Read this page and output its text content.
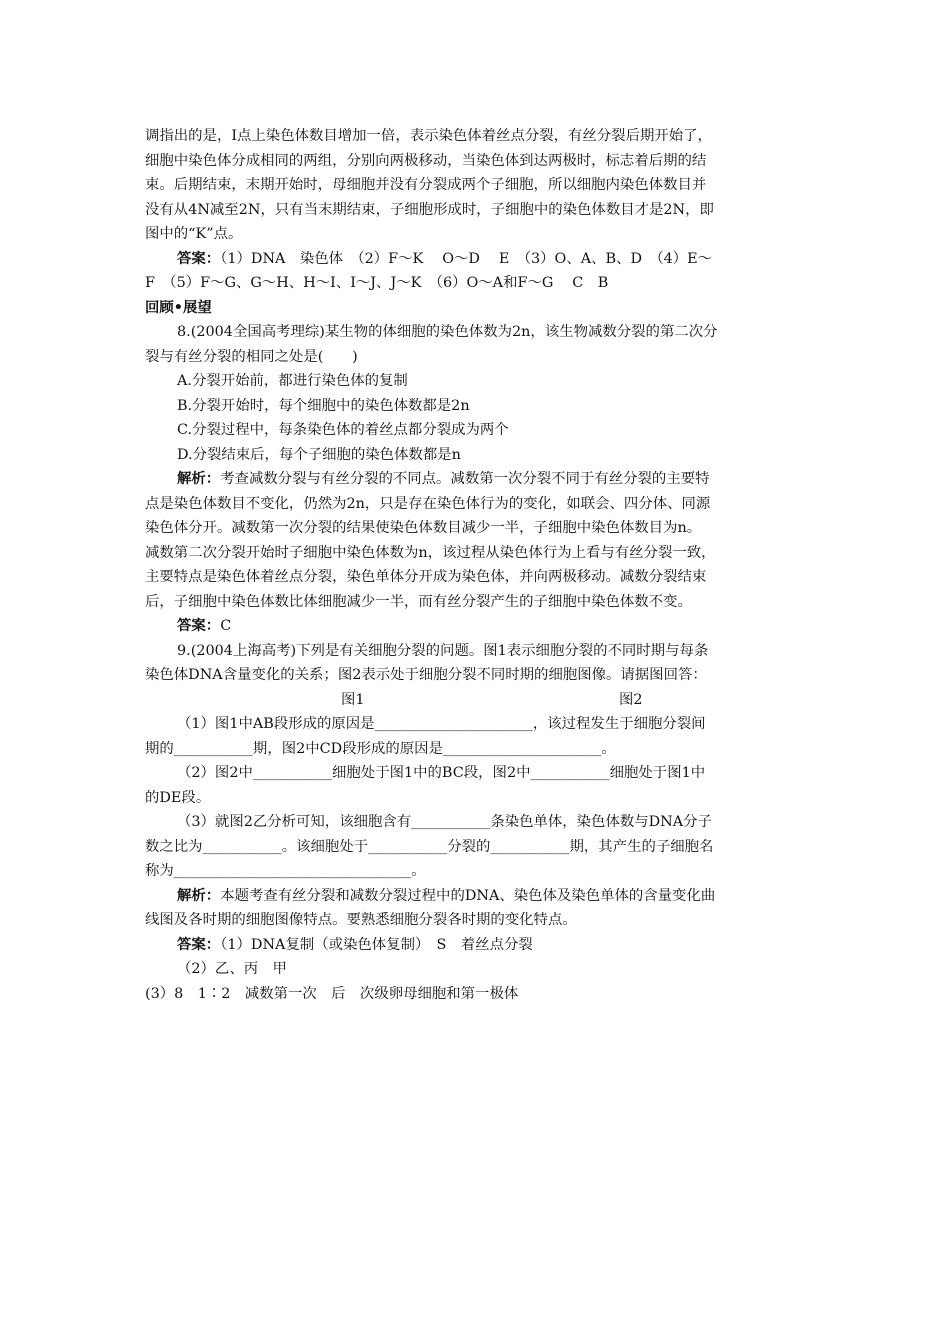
调指出的是，I点上染色体数目增加一倍，表示染色体着丝点分裂，有丝分裂后期开始了，
细胞中染色体分成相同的两组，分别向两极移动，当染色体到达两极时，标志着后期的结
束。后期结束，末期开始时，母细胞并没有分裂成两个子细胞，所以细胞内染色体数目并
没有从4N减至2N，只有当末期结束，子细胞形成时，子细胞中的染色体数目才是2N，即
图中的“K”点。
答案：（1）DNA　染色体　（2）F～K　 O～D　 E　（3）O、A、B、D　（4）E～
F　（5）F～G、G～H、H～I、I～J、J～K　（6）O～A和F～G　 C　B
回顾•展望
8.(2004全国高考理综)某生物的体细胞的染色体数为2n，该生物减数分裂的第二次分
裂与有丝分裂的相同之处是(　　)
A.分裂开始前，都进行染色体的复制
B.分裂开始时，每个细胞中的染色体数都是2n
C.分裂过程中，每条染色体的着丝点都分裂成为两个
D.分裂结束后，每个子细胞的染色体数都是n
解析：考查减数分裂与有丝分裂的不同点。减数第一次分裂不同于有丝分裂的主要特
点是染色体数目不变化，仍然为2n，只是存在染色体行为的变化，如联会、四分体、同源
染色体分开。减数第一次分裂的结果使染色体数目减少一半，子细胞中染色体数目为n。
减数第二次分裂开始时子细胞中染色体数为n，该过程从染色体行为上看与有丝分裂一致，
主要特点是染色体着丝点分裂，染色单体分开成为染色体，并向两极移动。减数分裂结束
后，子细胞中染色体数比体细胞减少一半，而有丝分裂产生的子细胞中染色体数不变。
答案：C
9.(2004上海高考)下列是有关细胞分裂的问题。图1表示细胞分裂的不同时期与每条
染色体DNA含量变化的关系；图2表示处于细胞分裂不同时期的细胞图像。请据图回答：
图1	图2
（1）图1中AB段形成的原因是______________________，该过程发生于细胞分裂间
期的___________期，图2中CD段形成的原因是______________________。
（2）图2中___________细胞处于图1中的BC段，图2中___________细胞处于图1中
的DE段。
（3）就图2乙分析可知，该细胞含有___________条染色单体，染色体数与DNA分子
数之比为___________。该细胞处于___________分裂的___________期，其产生的子细胞名
称为_________________________________。
解析：本题考查有丝分裂和减数分裂过程中的DNA、染色体及染色单体的含量变化曲
线图及各时期的细胞图像特点。要熟悉细胞分裂各时期的变化特点。
答案：（1）DNA复制（或染色体复制）　S　着丝点分裂
（2）乙、丙　甲
(3）8　1∶2　减数第一次　后　次级卵母细胞和第一极体
